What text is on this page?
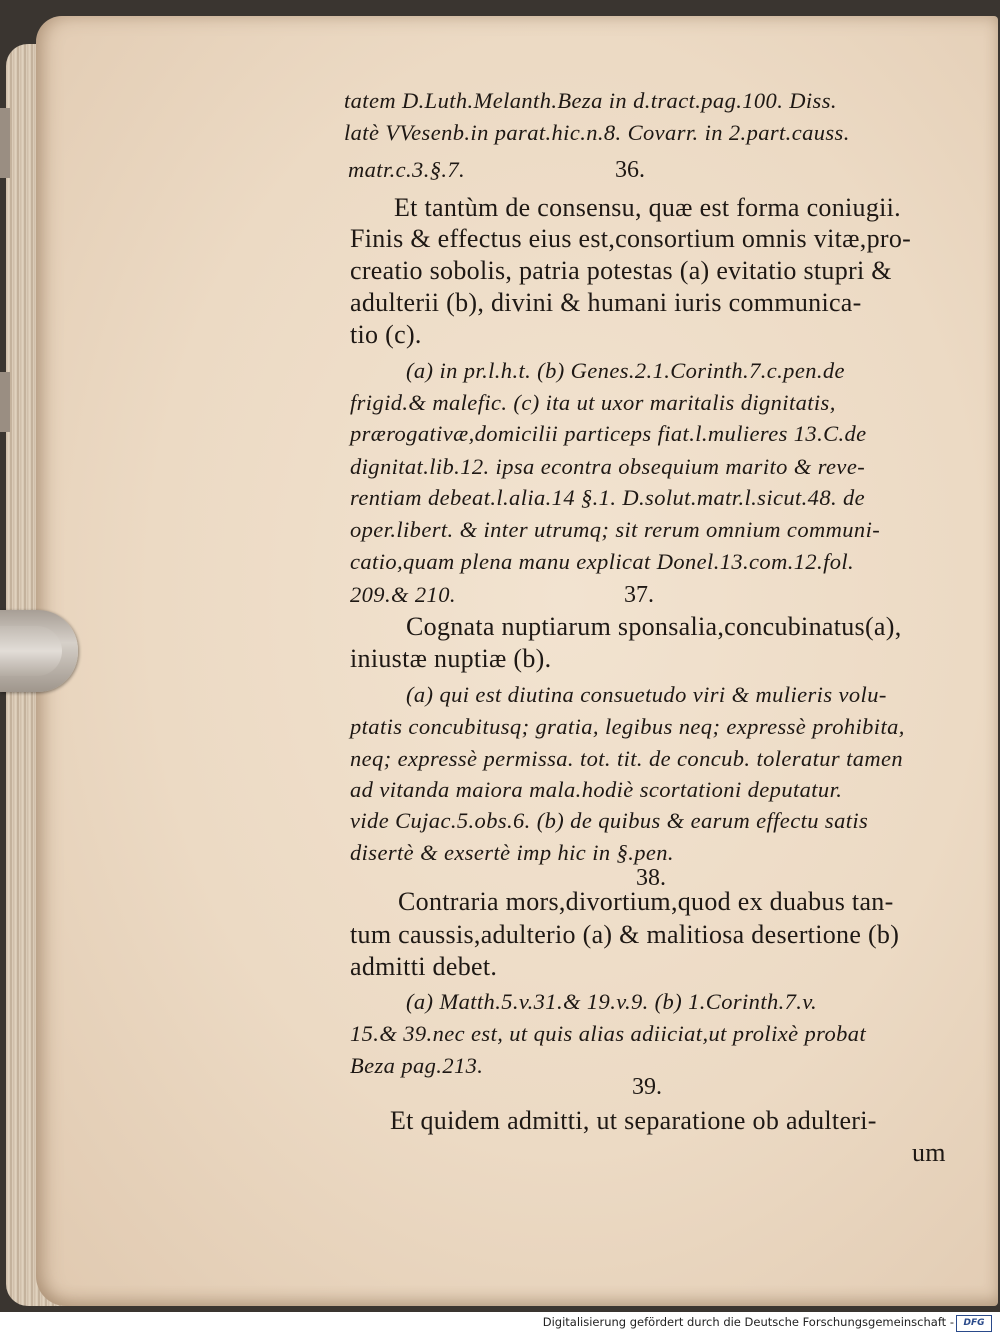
tatem D.Luth.Melanth.Beza in d.tract.pag.100. Diss.
latè VVesenb.in parat.hic.n.8. Covarr. in 2.part.causs.
matr.c.3.§.7.	36.
Et tantùm de consensu, quæ est forma coniugii.
Finis & effectus eius est,consortium omnis vitæ,pro-
creatio sobolis, patria potestas (a) evitatio stupri &
adulterii (b), divini & humani iuris communica-
tio (c).
(a) in pr.l.h.t. (b) Genes.2.1.Corinth.7.c.pen.de
frigid.& malefic. (c) ita ut uxor maritalis dignitatis,
prærogativæ,domicilii particeps fiat.l.mulieres 13.C.de
dignitat.lib.12. ipsa econtra obsequium marito & reve-
rentiam debeat.l.alia.14 §.1. D.solut.matr.l.sicut.48. de
oper.libert. & inter utrumq; sit rerum omnium communi-
catio,quam plena manu explicat Donel.13.com.12.fol.
209.& 210.	37.
Cognata nuptiarum sponsalia,concubinatus(a),
iniustæ nuptiæ (b).
(a) qui est diutina consuetudo viri & mulieris volu-
ptatis concubitusq; gratia, legibus neq; expressè prohibita,
neq; expressè permissa. tot. tit. de concub. toleratur tamen
ad vitanda maiora mala.hodiè scortationi deputatur.
vide Cujac.5.obs.6. (b) de quibus & earum effectu satis
disertè & exsertè imp hic in §.pen.
38.
Contraria mors,divortium,quod ex duabus tan-
tum caussis,adulterio (a) & malitiosa desertione (b)
admitti debet.
(a) Matth.5.v.31.& 19.v.9. (b) 1.Corinth.7.v.
15.& 39.nec est, ut quis alias adiiciat,ut prolixè probat
Beza pag.213.
39.
Et quidem admitti, ut separatione ob adulteri-
um
Digitalisierung gefördert durch die Deutsche Forschungsgemeinschaft -	DFG
